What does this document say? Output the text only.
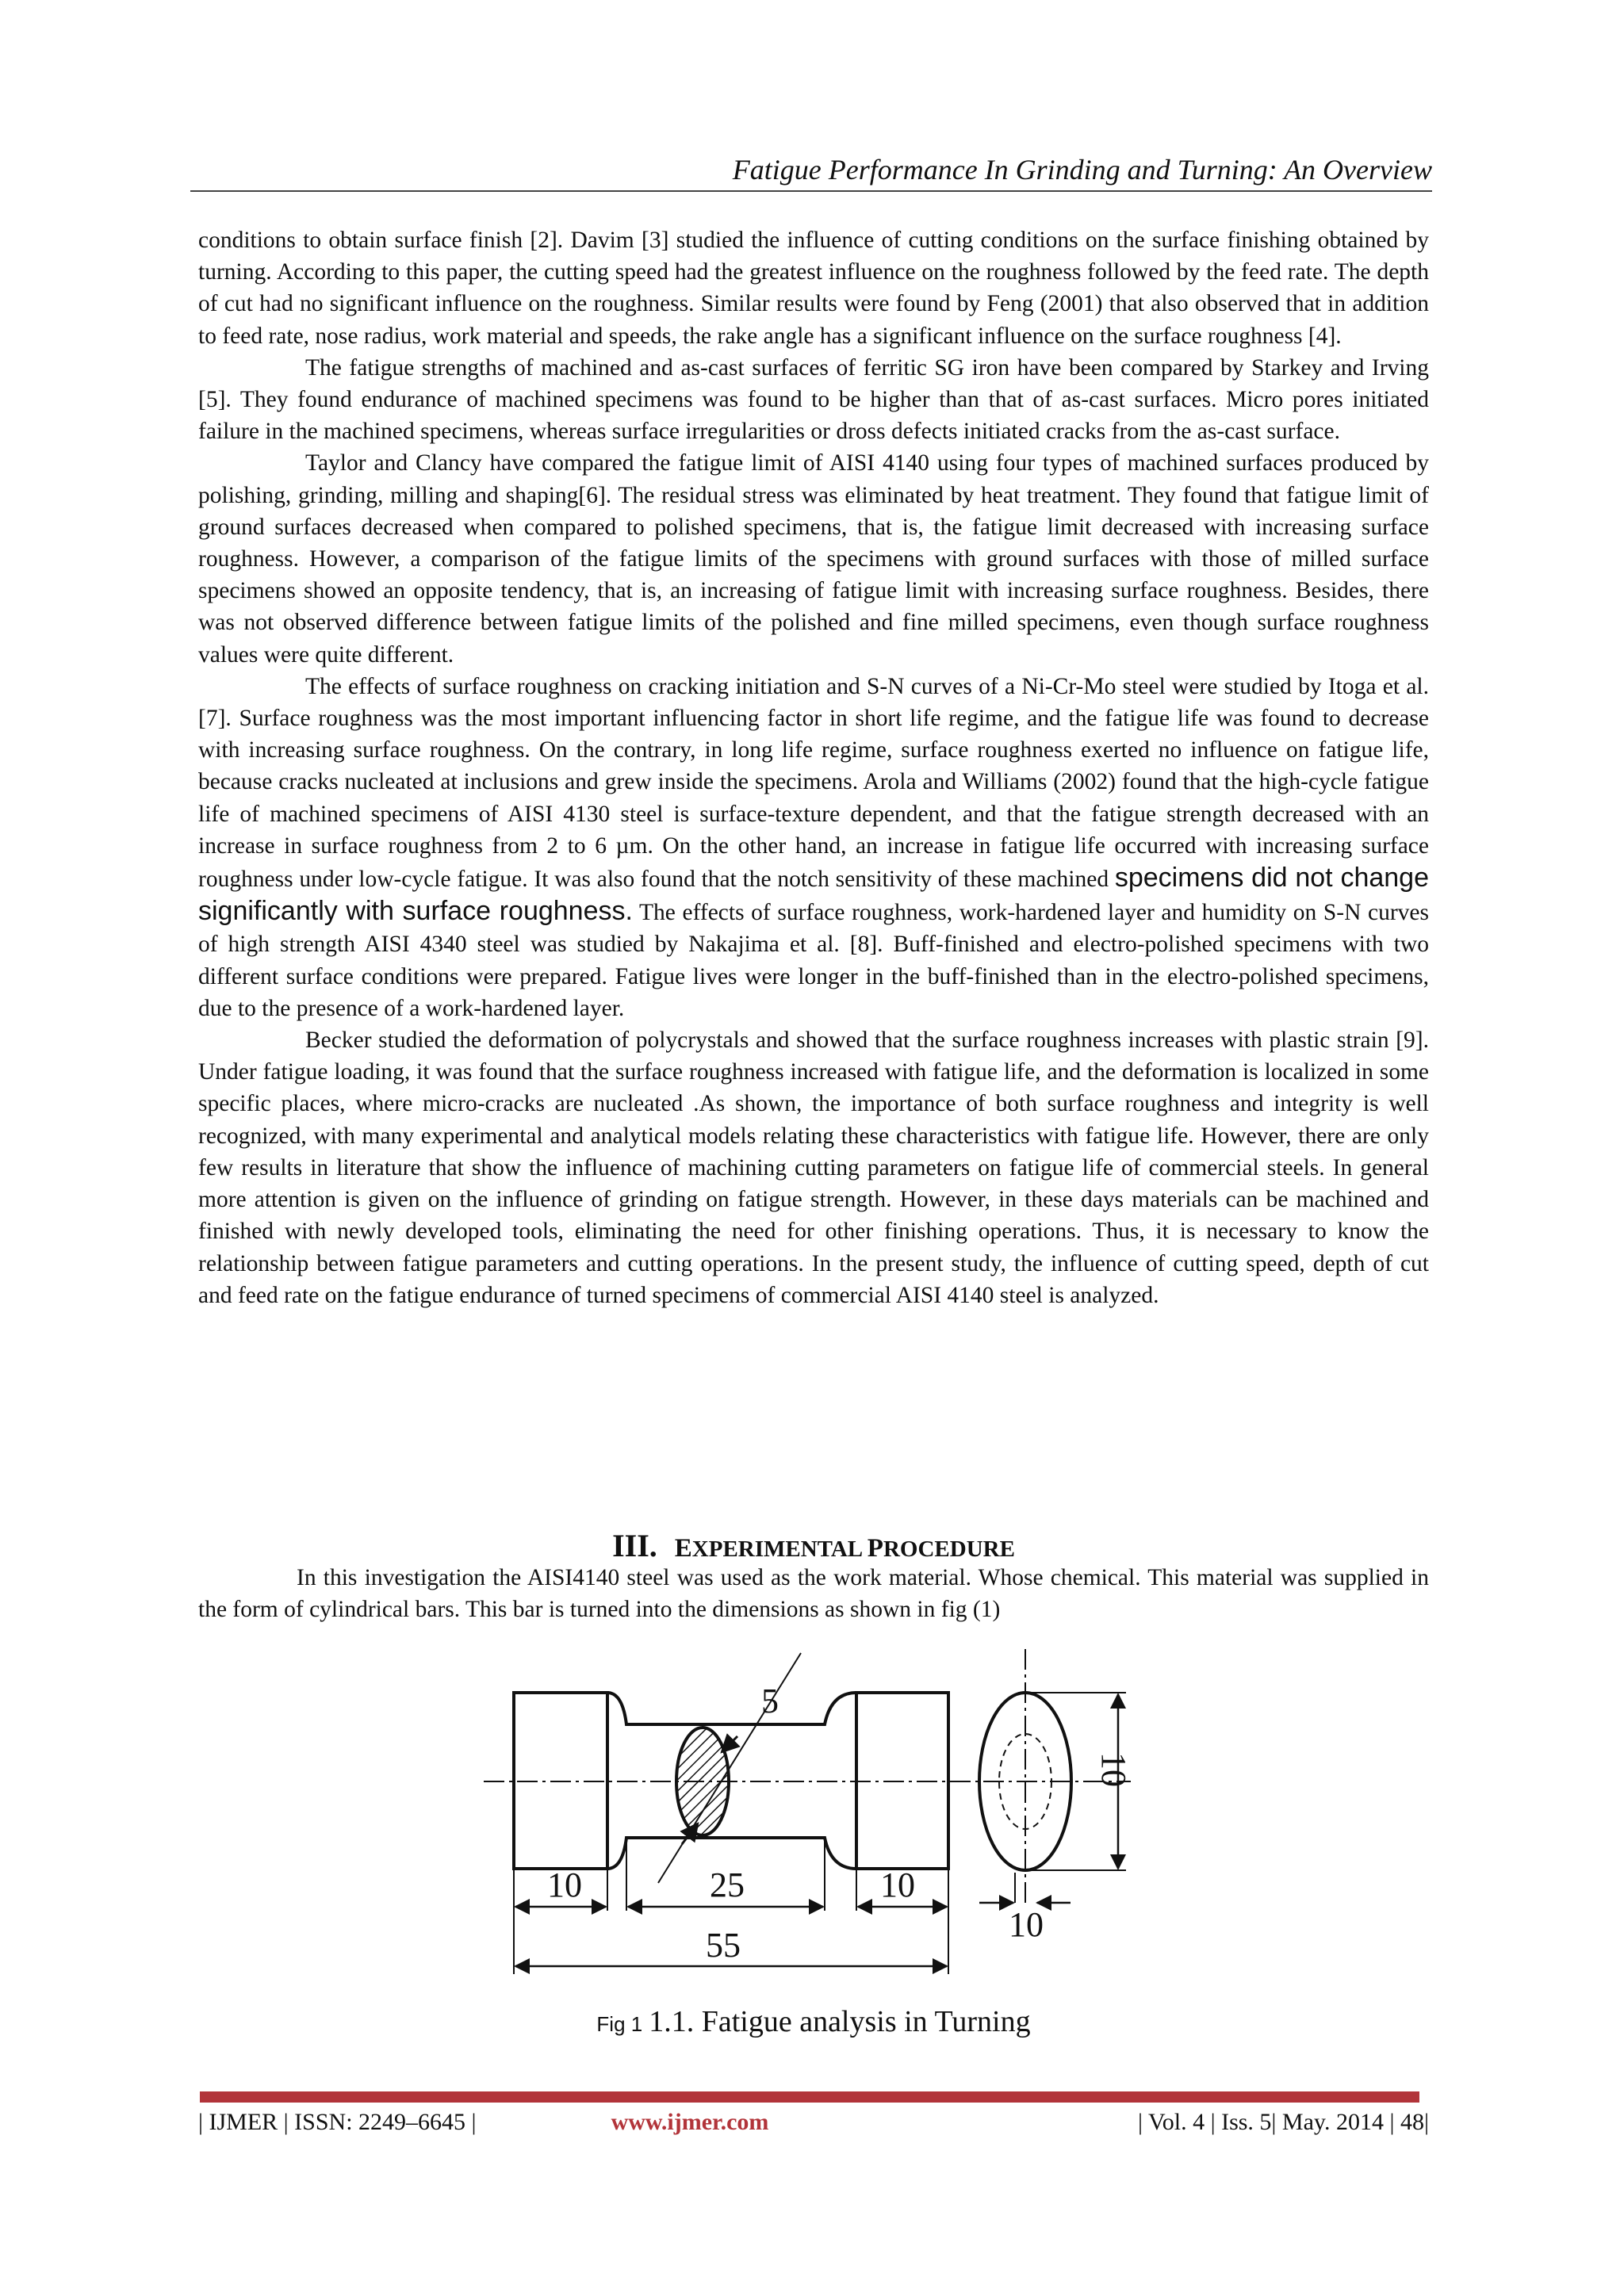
Fatigue Performance In Grinding and Turning: An Overview

conditions to obtain surface finish [2]. Davim [3] studied the influence of cutting conditions on the surface finishing obtained by turning. According to this paper, the cutting speed had the greatest influence on the roughness followed by the feed rate. The depth of cut had no significant influence on the roughness. Similar results were found by Feng (2001) that also observed that in addition to feed rate, nose radius, work material and speeds, the rake angle has a significant influence on the surface roughness [4].

The fatigue strengths of machined and as-cast surfaces of ferritic SG iron have been compared by Starkey and Irving [5]. They found endurance of machined specimens was found to be higher than that of as-cast surfaces. Micro pores initiated failure in the machined specimens, whereas surface irregularities or dross defects initiated cracks from the as-cast surface.

Taylor and Clancy have compared the fatigue limit of AISI 4140 using four types of machined surfaces produced by polishing, grinding, milling and shaping[6]. The residual stress was eliminated by heat treatment. They found that fatigue limit of ground surfaces decreased when compared to polished specimens, that is, the fatigue limit decreased with increasing surface roughness. However, a comparison of the fatigue limits of the specimens with ground surfaces with those of milled surface specimens showed an opposite tendency, that is, an increasing of fatigue limit with increasing surface roughness. Besides, there was not observed difference between fatigue limits of the polished and fine milled specimens, even though surface roughness values were quite different.

The effects of surface roughness on cracking initiation and S-N curves of a Ni-Cr-Mo steel were studied by Itoga et al. [7]. Surface roughness was the most important influencing factor in short life regime, and the fatigue life was found to decrease with increasing surface roughness. On the contrary, in long life regime, surface roughness exerted no influence on fatigue life, because cracks nucleated at inclusions and grew inside the specimens. Arola and Williams (2002) found that the high-cycle fatigue life of machined specimens of AISI 4130 steel is surface-texture dependent, and that the fatigue strength decreased with an increase in surface roughness from 2 to 6 µm. On the other hand, an increase in fatigue life occurred with increasing surface roughness under low-cycle fatigue. It was also found that the notch sensitivity of these machined specimens did not change significantly with surface roughness. The effects of surface roughness, work-hardened layer and humidity on S-N curves of high strength AISI 4340 steel was studied by Nakajima et al. [8]. Buff-finished and electro-polished specimens with two different surface conditions were prepared. Fatigue lives were longer in the buff-finished than in the electro-polished specimens, due to the presence of a work-hardened layer.

Becker studied the deformation of polycrystals and showed that the surface roughness increases with plastic strain [9]. Under fatigue loading, it was found that the surface roughness increased with fatigue life, and the deformation is localized in some specific places, where micro-cracks are nucleated .As shown, the importance of both surface roughness and integrity is well recognized, with many experimental and analytical models relating these characteristics with fatigue life. However, there are only few results in literature that show the influence of machining cutting parameters on fatigue life of commercial steels. In general more attention is given on the influence of grinding on fatigue strength. However, in these days materials can be machined and finished with newly developed tools, eliminating the need for other finishing operations. Thus, it is necessary to know the relationship between fatigue parameters and cutting operations. In the present study, the influence of cutting speed, depth of cut and feed rate on the fatigue endurance of turned specimens of commercial AISI 4140 steel is analyzed.

III. EXPERIMENTAL PROCEDURE

In this investigation the AISI4140 steel was used as the work material. Whose chemical. This material was supplied in the form of cylindrical bars. This bar is turned into the dimensions as shown in fig (1)

5
10	25	10
55
10
10
Fig 1 1.1. Fatigue analysis in Turning
| IJMER | ISSN: 2249–6645 |	www.ijmer.com	| Vol. 4 | Iss. 5| May. 2014 | 48|
